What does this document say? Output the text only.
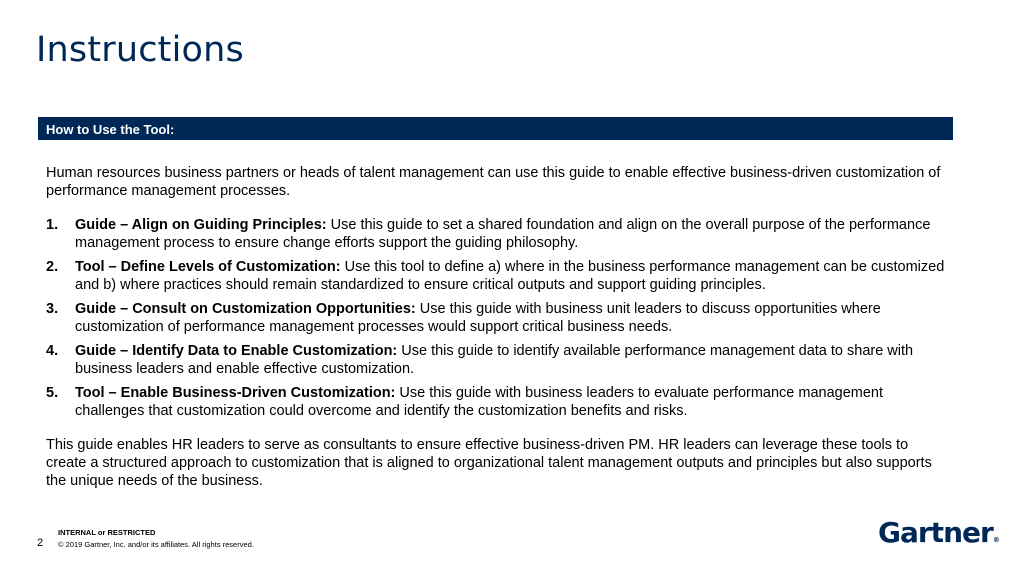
Instructions
How to Use the Tool:

Human resources business partners or heads of talent management can use this guide to enable effective business-driven customization of performance management processes.

1. Guide – Align on Guiding Principles: Use this guide to set a shared foundation and align on the overall purpose of the performance management process to ensure change efforts support the guiding philosophy.
2. Tool – Define Levels of Customization: Use this tool to define a) where in the business performance management can be customized and b) where practices should remain standardized to ensure critical outputs and support guiding principles.
3. Guide – Consult on Customization Opportunities: Use this guide with business unit leaders to discuss opportunities where customization of performance management processes would support critical business needs.
4. Guide – Identify Data to Enable Customization: Use this guide to identify available performance management data to share with business leaders and enable effective customization.
5. Tool – Enable Business-Driven Customization: Use this guide with business leaders to evaluate performance management challenges that customization could overcome and identify the customization benefits and risks.

This guide enables HR leaders to serve as consultants to ensure effective business-driven PM. HR leaders can leverage these tools to create a structured approach to customization that is aligned to organizational talent management outputs and principles but also supports the unique needs of the business.

2
INTERNAL or RESTRICTED
© 2019 Gartner, Inc. and/or its affiliates. All rights reserved.	Gartner®
